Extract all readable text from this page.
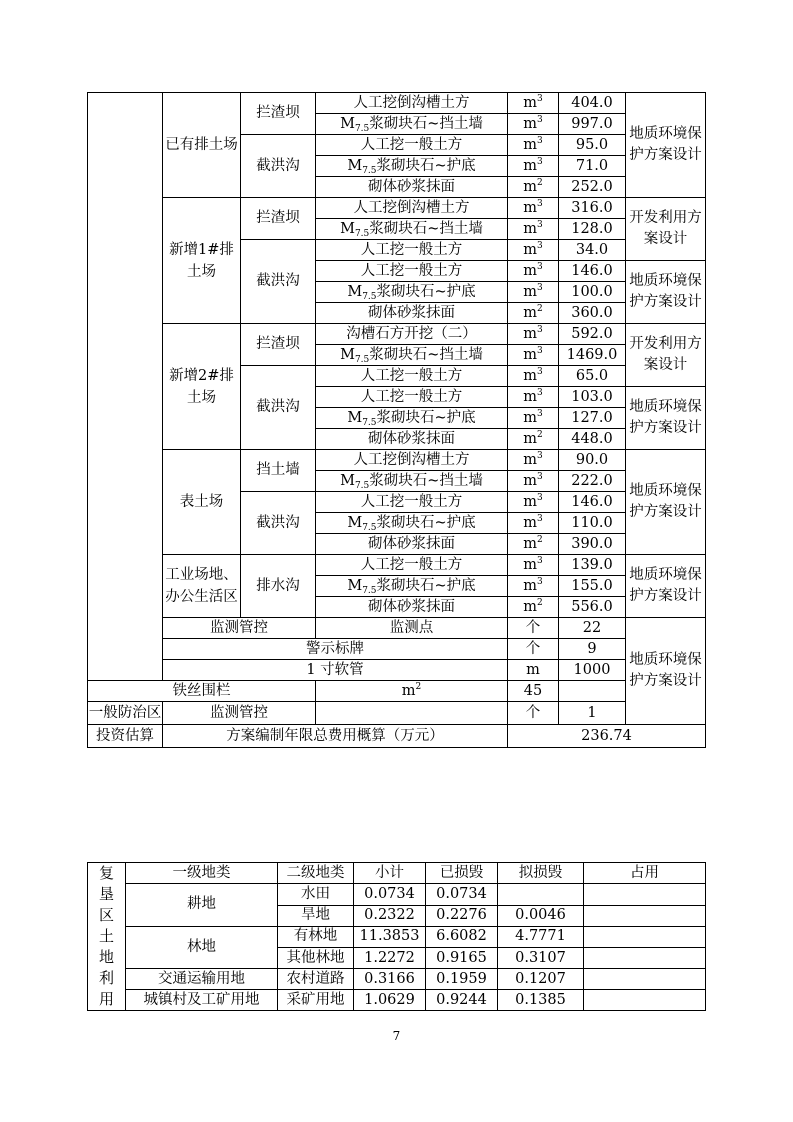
	已有排土场	拦渣坝	人工挖倒沟槽土方	$m^3$	404.0	地质环境保护方案设计
			$M_{7.5}$浆砌块石~挡土墙	$m^3$	997.0	
		截洪沟	人工挖一般土方	$m^3$	95.0	
			$M_{7.5}$浆砌块石~护底	$m^3$	71.0	
			砌体砂浆抹面	$m^2$	252.0	
	新增1#排土场	拦渣坝	人工挖倒沟槽土方	$m^3$	316.0	开发利用方案设计
			$M_{7.5}$浆砌块石~挡土墙	$m^3$	128.0	
		截洪沟	人工挖一般土方	$m^3$	34.0	
			人工挖一般土方	$m^3$	146.0	地质环境保护方案设计
			$M_{7.5}$浆砌块石~护底	$m^3$	100.0	
			砌体砂浆抹面	$m^2$	360.0	
	新增2#排土场	拦渣坝	沟槽石方开挖（二）	$m^3$	592.0	开发利用方案设计
			$M_{7.5}$浆砌块石~挡土墙	$m^3$	1469.0	
		截洪沟	人工挖一般土方	$m^3$	65.0	
			人工挖一般土方	$m^3$	103.0	地质环境保护方案设计
			$M_{7.5}$浆砌块石~护底	$m^3$	127.0	
			砌体砂浆抹面	$m^2$	448.0	
	表土场	挡土墙	人工挖倒沟槽土方	$m^3$	90.0	地质环境保护方案设计
			$M_{7.5}$浆砌块石~挡土墙	$m^3$	222.0	
		截洪沟	人工挖一般土方	$m^3$	146.0	
			$M_{7.5}$浆砌块石~护底	$m^3$	110.0	
			砌体砂浆抹面	$m^2$	390.0	
	工业场地、办公生活区	排水沟	人工挖一般土方	$m^3$	139.0	地质环境保护方案设计
			$M_{7.5}$浆砌块石~护底	$m^3$	155.0	
			砌体砂浆抹面	$m^2$	556.0	
	监测管控		监测点	个	22	地质环境保护方案设计
	警示标牌			个	9	
	1 寸软管			m	1000	
铁丝围栏			$m^2$	45		
一般防治区	监测管控			个	1	
投资估算	方案编制年限总费用概算（万元）			236.74		
复垦区土地利用	一级地类	二级地类	小计	已损毁	拟损毁	占用
	耕地	水田	0.0734	0.0734		
		旱地	0.2322	0.2276	0.0046	
	林地	有林地	11.3853	6.6082	4.7771	
		其他林地	1.2272	0.9165	0.3107	
	交通运输用地	农村道路	0.3166	0.1959	0.1207	
	城镇村及工矿用地	采矿用地	1.0629	0.9244	0.1385	
7
